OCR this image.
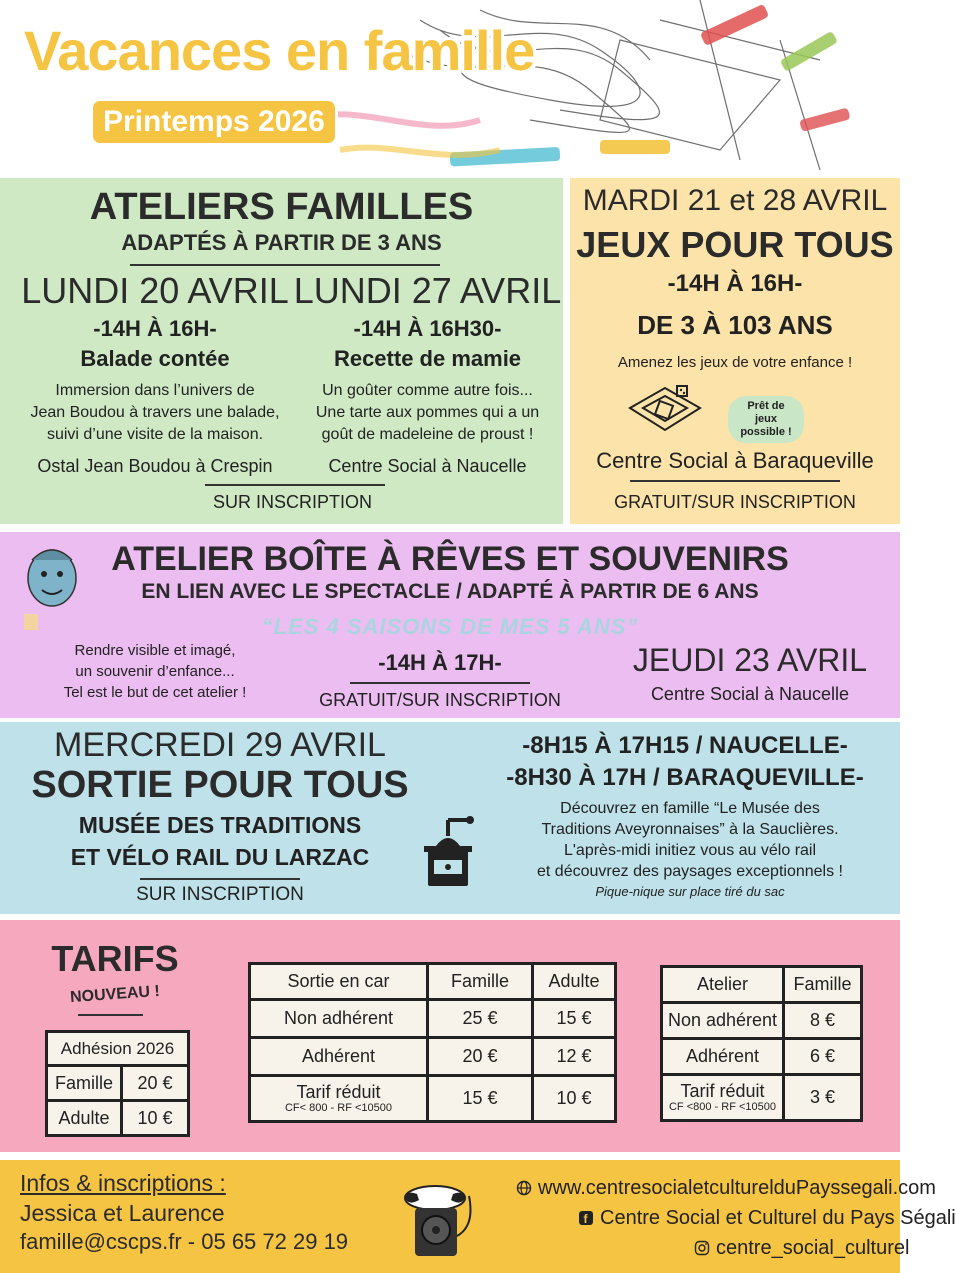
Vacances en famille
Printemps 2026
ATELIERS FAMILLES
ADAPTÉS À PARTIR DE 3 ANS
LUNDI 20 AVRIL
-14H À 16H-
Balade contée
Immersion dans l’univers de
Jean Boudou à travers une balade,
suivi d’une visite de la maison.
Ostal Jean Boudou à Crespin
LUNDI 27 AVRIL
-14H À 16H30-
Recette de mamie
Un goûter comme autre fois...
Une tarte aux pommes qui a un
goût de madeleine de proust !
Centre Social à Naucelle
SUR INSCRIPTION
MARDI 21 et 28 AVRIL
JEUX POUR TOUS
-14H À 16H-
DE 3 À 103 ANS
Amenez les jeux de votre enfance !
Prêt de jeux possible !
Centre Social à Baraqueville
GRATUIT/SUR INSCRIPTION
ATELIER BOÎTE À RÊVES ET SOUVENIRS
EN LIEN AVEC LE SPECTACLE / ADAPTÉ À PARTIR DE 6 ANS
“LES 4 SAISONS DE MES 5 ANS”
Rendre visible et imagé,
un souvenir d’enfance...
Tel est le but de cet atelier !
-14H À 17H-
GRATUIT/SUR INSCRIPTION
JEUDI 23 AVRIL
Centre Social à Naucelle
MERCREDI 29 AVRIL
SORTIE POUR TOUS
MUSÉE DES TRADITIONS
ET VÉLO RAIL DU LARZAC
SUR INSCRIPTION
-8H15 À 17H15 / NAUCELLE-
-8H30 À 17H / BARAQUEVILLE-
Découvrez en famille “Le Musée des
Traditions Aveyronnaises” à la Sauclières.
L'après-midi initiez vous au vélo rail
et découvrez des paysages exceptionnels !
Pique-nique sur place tiré du sac
TARIFS
NOUVEAU !
Adhésion 2026	
Famille	20 €
Adulte	10 €
Sortie en car	Famille	Adulte
Non adhérent	25 €	15 €
Adhérent	20 €	12 €

Tarif réduit
CF< 800 - RF <10500	15 €	10 €
Atelier	Famille
Non adhérent	8 €
Adhérent	6 €

Tarif réduit
CF <800 - RF <10500	3 €
Infos & inscriptions :
Jessica et Laurence
famille@cscps.fr - 05 65 72 29 19
www.centresocialetculturelduPayssegali.com
f Centre Social et Culturel du Pays Ségali
centre_social_culturel
